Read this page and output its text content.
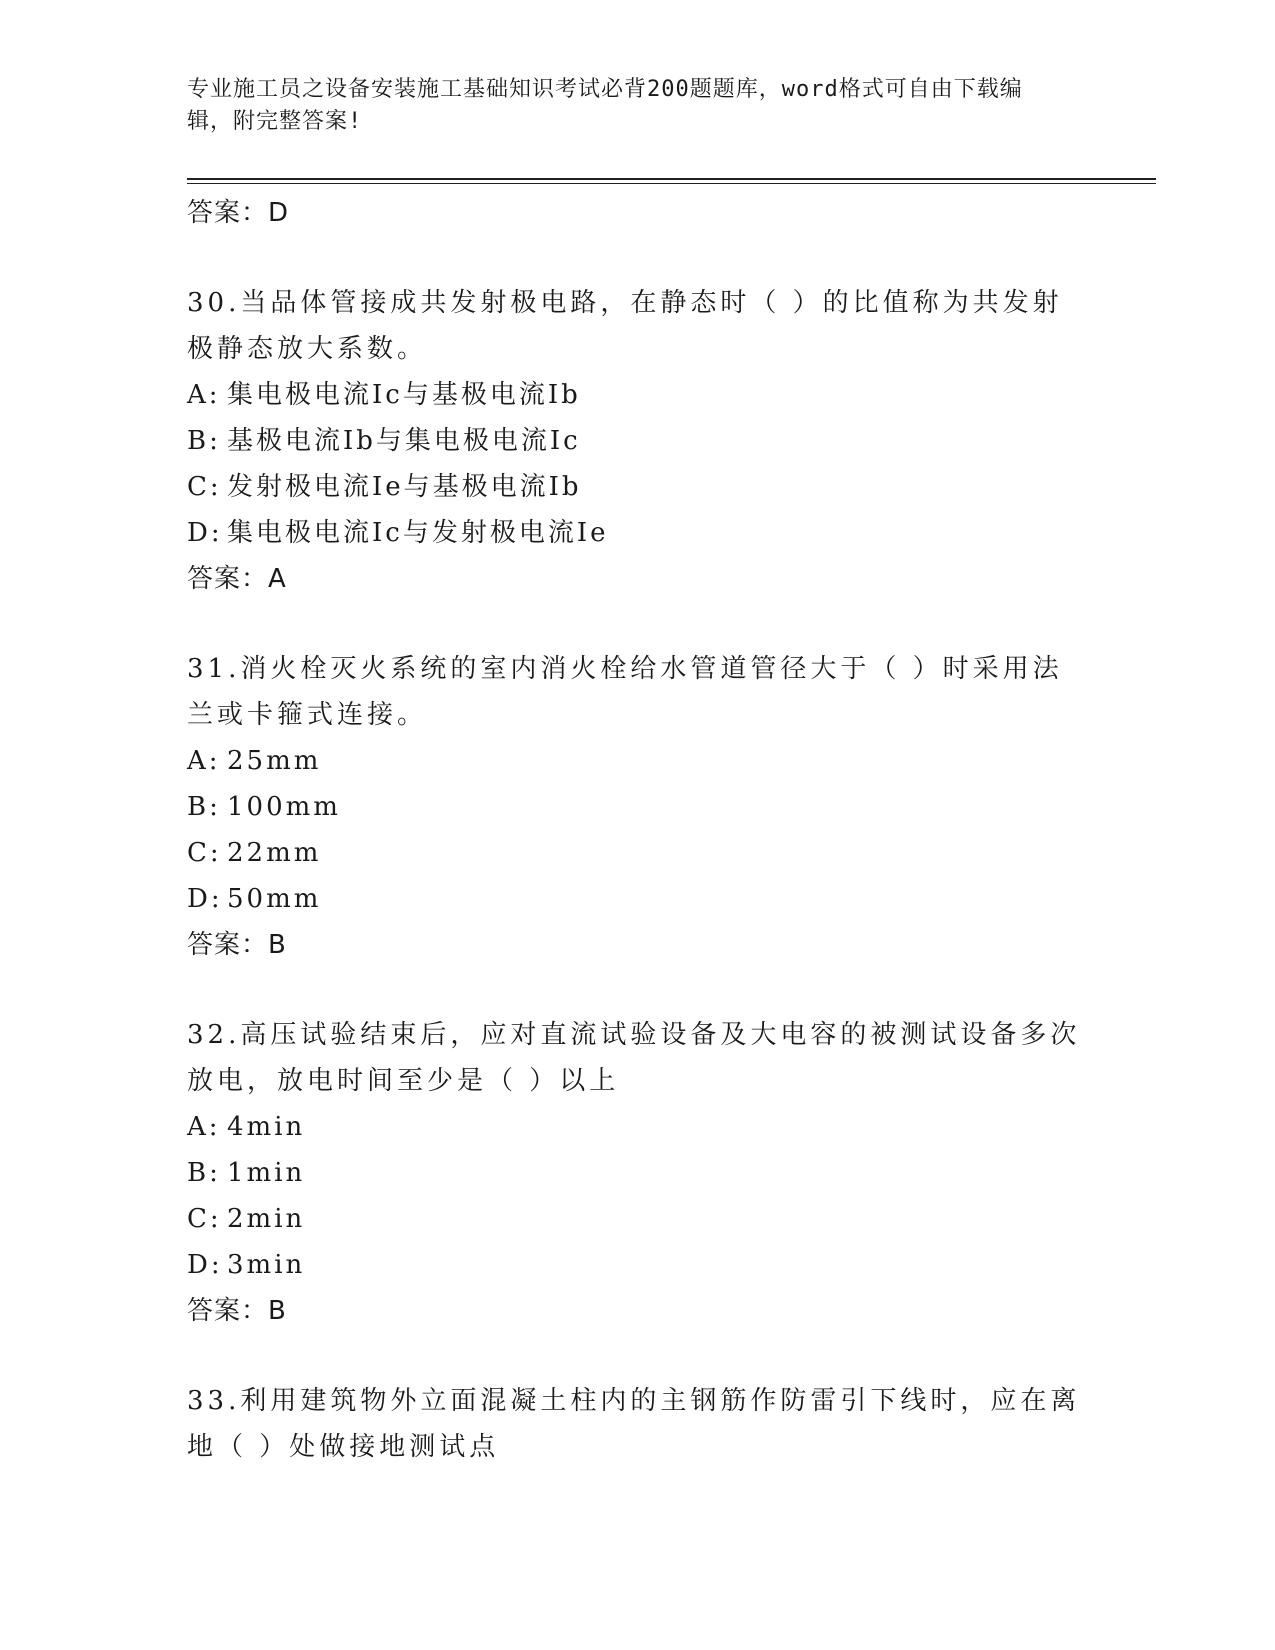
专业施工员之设备安装施工基础知识考试必背200题题库，word格式可自由下载编辑，附完整答案!
答案：D
30.当品体管接成共发射极电路，在静态时（ ）的比值称为共发射极静态放大系数。
A: 集电极电流Ic与基极电流Ib
B: 基极电流Ib与集电极电流Ic
C: 发射极电流Ie与基极电流Ib
D: 集电极电流Ic与发射极电流Ie
答案：A
31.消火栓灭火系统的室内消火栓给水管道管径大于（ ）时采用法兰或卡箍式连接。
A: 25mm
B: 100mm
C: 22mm
D: 50mm
答案：B
32.高压试验结束后，应对直流试验设备及大电容的被测试设备多次放电，放电时间至少是（ ）以上
A: 4min
B: 1min
C: 2min
D: 3min
答案：B
33.利用建筑物外立面混凝土柱内的主钢筋作防雷引下线时，应在离地（ ）处做接地测试点
